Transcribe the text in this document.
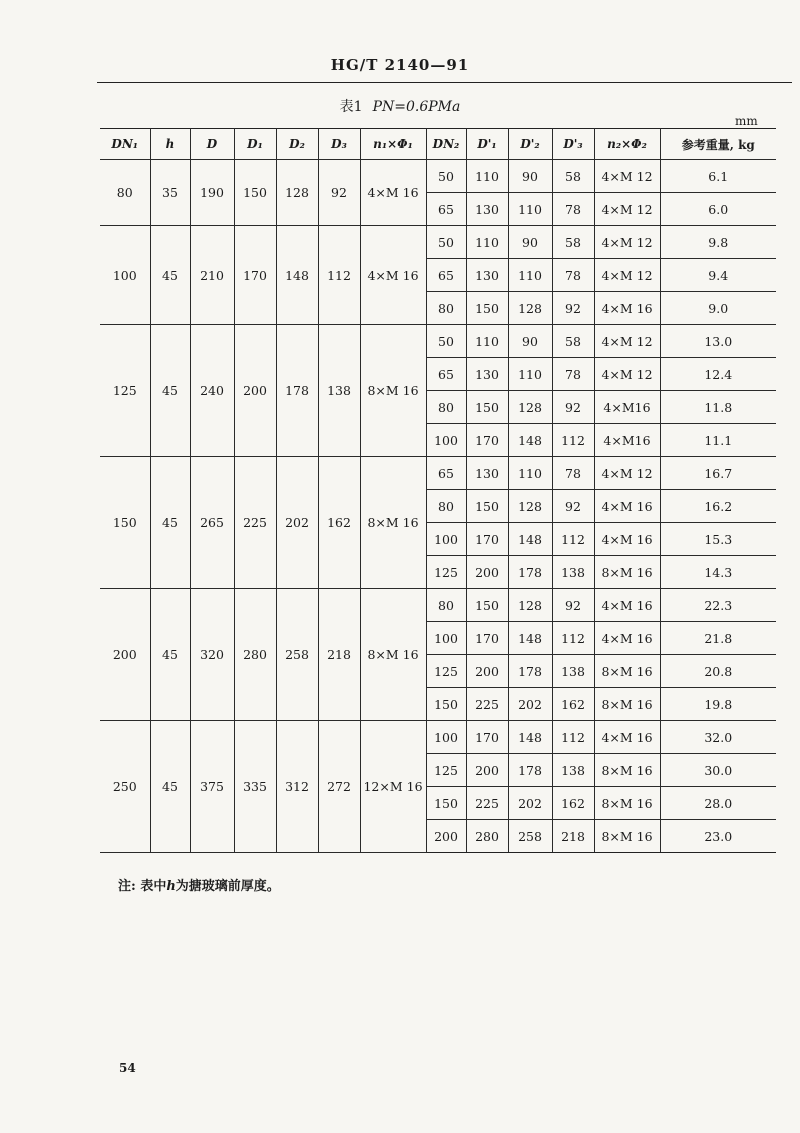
HG/T 2140—91
表1 PN=0.6PMa
mm
DN₁	h	D	D₁	D₂	D₃	n₁×Φ₁	DN₂	D'₁	D'₂	D'₃	n₂×Φ₂	参考重量, kg
80	35	190	150	128	92	4×M 16	50	110	90	58	4×M 12	6.1
							65	130	110	78	4×M 12	6.0
100	45	210	170	148	112	4×M 16	50	110	90	58	4×M 12	9.8
							65	130	110	78	4×M 12	9.4
							80	150	128	92	4×M 16	9.0
125	45	240	200	178	138	8×M 16	50	110	90	58	4×M 12	13.0
							65	130	110	78	4×M 12	12.4
							80	150	128	92	4×M16	11.8
							100	170	148	112	4×M16	11.1
150	45	265	225	202	162	8×M 16	65	130	110	78	4×M 12	16.7
							80	150	128	92	4×M 16	16.2
							100	170	148	112	4×M 16	15.3
							125	200	178	138	8×M 16	14.3
200	45	320	280	258	218	8×M 16	80	150	128	92	4×M 16	22.3
							100	170	148	112	4×M 16	21.8
							125	200	178	138	8×M 16	20.8
							150	225	202	162	8×M 16	19.8
250	45	375	335	312	272	12×M 16	100	170	148	112	4×M 16	32.0
							125	200	178	138	8×M 16	30.0
							150	225	202	162	8×M 16	28.0
							200	280	258	218	8×M 16	23.0
注: 表中h为搪玻璃前厚度。
54
